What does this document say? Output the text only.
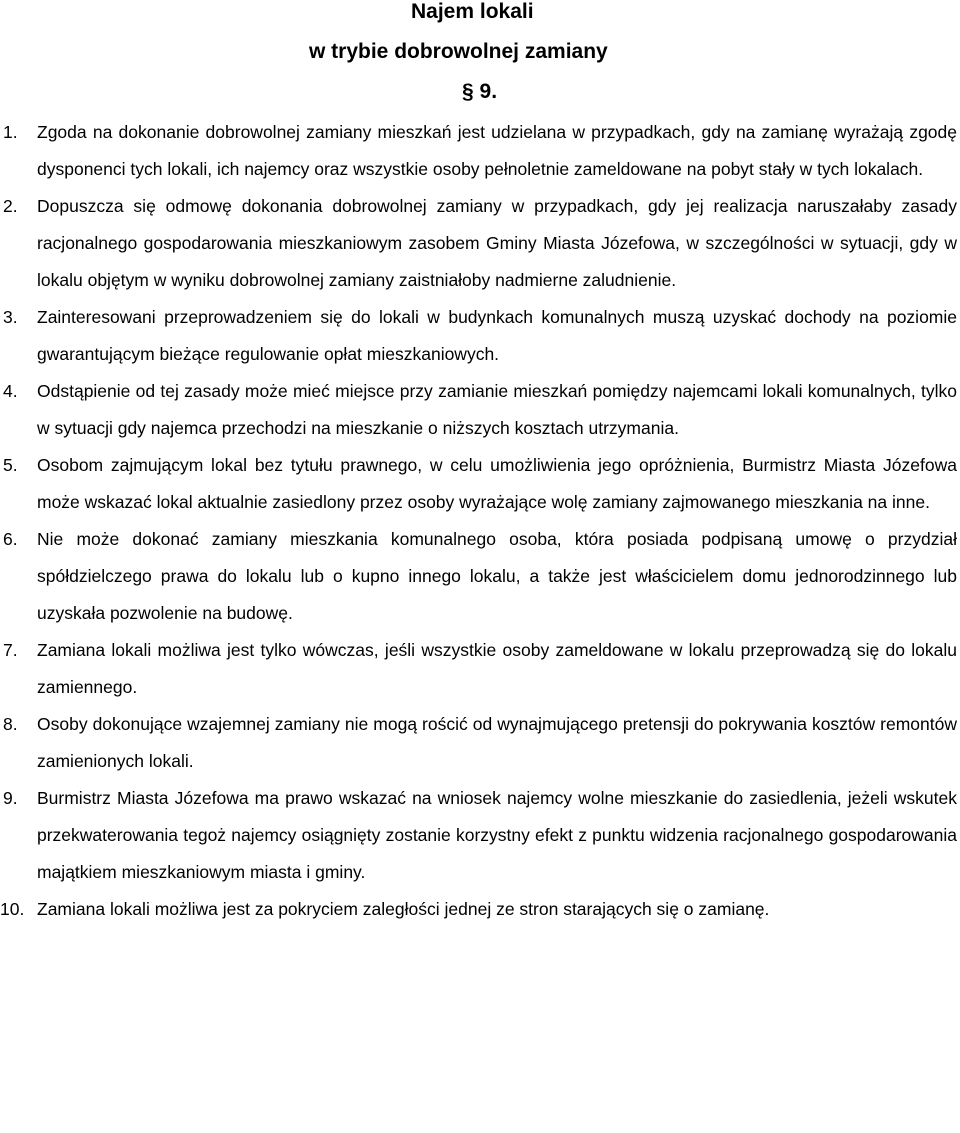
Najem lokali
w trybie dobrowolnej zamiany
§ 9.
1.	Zgoda na dokonanie dobrowolnej zamiany mieszkań jest udzielana w przypadkach, gdy na zamianę wyrażają zgodę dysponenci tych lokali, ich najemcy oraz wszystkie osoby pełnoletnie zameldowane na pobyt stały w tych lokalach.
2.	Dopuszcza się odmowę dokonania dobrowolnej zamiany w przypadkach, gdy jej realizacja naruszałaby zasady racjonalnego gospodarowania mieszkaniowym zasobem Gminy Miasta Józefowa, w szczególności w sytuacji, gdy w lokalu objętym w wyniku dobrowolnej zamiany zaistniałoby nadmierne zaludnienie.
3.	Zainteresowani przeprowadzeniem się do lokali w budynkach komunalnych muszą uzyskać dochody na poziomie gwarantującym bieżące regulowanie opłat mieszkaniowych.
4.	Odstąpienie od tej zasady może mieć miejsce przy zamianie mieszkań pomiędzy najemcami lokali komunalnych, tylko w sytuacji gdy najemca przechodzi na mieszkanie o niższych kosztach utrzymania.
5.	Osobom zajmującym lokal bez tytułu prawnego, w celu umożliwienia jego opróżnienia, Burmistrz Miasta Józefowa może wskazać lokal aktualnie zasiedlony przez osoby wyrażające wolę zamiany zajmowanego mieszkania na inne.
6.	Nie może dokonać zamiany mieszkania komunalnego osoba, która posiada podpisaną umowę o przydział spółdzielczego prawa do lokalu lub o kupno innego lokalu, a także jest właścicielem domu jednorodzinnego lub uzyskała pozwolenie na budowę.
7.	Zamiana lokali możliwa jest tylko wówczas, jeśli wszystkie osoby zameldowane w lokalu przeprowadzą się do lokalu zamiennego.
8.	Osoby dokonujące wzajemnej zamiany nie mogą rościć od wynajmującego pretensji do pokrywania kosztów remontów zamienionych lokali.
9.	Burmistrz Miasta Józefowa ma prawo wskazać na wniosek najemcy wolne mieszkanie do zasiedlenia, jeżeli wskutek przekwaterowania tegoż najemcy osiągnięty zostanie korzystny efekt z punktu widzenia racjonalnego gospodarowania majątkiem mieszkaniowym miasta i gminy.
10. Zamiana lokali możliwa jest za pokryciem zaległości jednej ze stron starających się o zamianę.
